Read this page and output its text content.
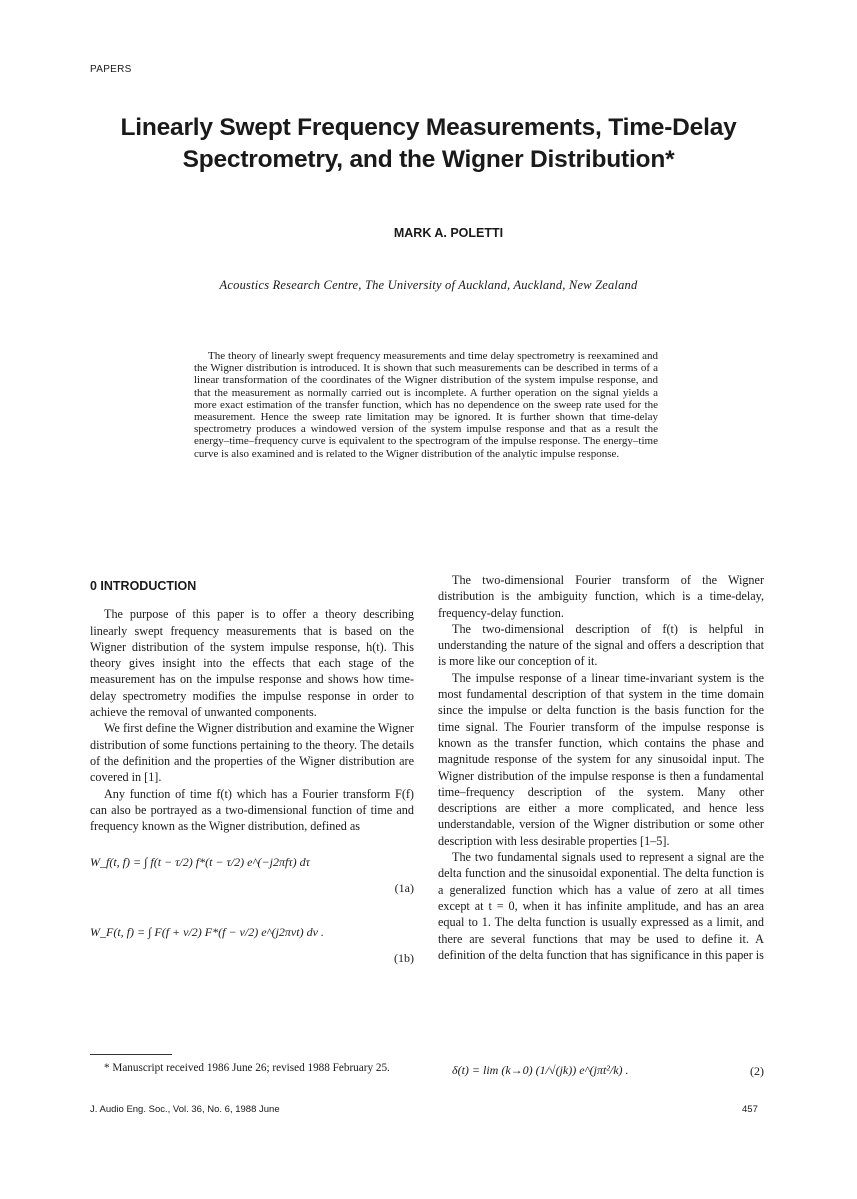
PAPERS
Linearly Swept Frequency Measurements, Time-Delay Spectrometry, and the Wigner Distribution*
MARK A. POLETTI
Acoustics Research Centre, The University of Auckland, Auckland, New Zealand

The theory of linearly swept frequency measurements and time delay spectrometry is reexamined and the Wigner distribution is introduced. It is shown that such measurements can be described in terms of a linear transformation of the coordinates of the Wigner distribution of the system impulse response, and that the measurement as normally carried out is incomplete. A further operation on the signal yields a more exact estimation of the transfer function, which has no dependence on the sweep rate used for the measurement. Hence the sweep rate limitation may be ignored. It is further shown that time-delay spectrometry produces a windowed version of the system impulse response and that as a result the energy–time–frequency curve is equivalent to the spectrogram of the impulse response. The energy–time curve is also examined and is related to the Wigner distribution of the analytic impulse response.

0 INTRODUCTION

The purpose of this paper is to offer a theory describing linearly swept frequency measurements that is based on the Wigner distribution of the system impulse response, h(t). This theory gives insight into the effects that each stage of the measurement has on the impulse response and shows how time-delay spectrometry modifies the impulse response in order to achieve the removal of unwanted components.

We first define the Wigner distribution and examine the Wigner distribution of some functions pertaining to the theory. The details of the definition and the properties of the Wigner distribution are covered in [1].

Any function of time f(t) which has a Fourier transform F(f) can also be portrayed as a two-dimensional function of time and frequency known as the Wigner distribution, defined as

W_f(t, f) = ∫ f(t − τ/2) f*(t − τ/2) e^(−j2πfτ) dτ
(1a)
W_F(t, f) = ∫ F(f + ν/2) F*(f − ν/2) e^(j2πνt) dν .
(1b)

The two-dimensional Fourier transform of the Wigner distribution is the ambiguity function, which is a time-delay, frequency-delay function.

The two-dimensional description of f(t) is helpful in understanding the nature of the signal and offers a description that is more like our conception of it.

The impulse response of a linear time-invariant system is the most fundamental description of that system in the time domain since the impulse or delta function is the basis function for the time signal. The Fourier transform of the impulse response is known as the transfer function, which contains the phase and magnitude response of the system for any sinusoidal input. The Wigner distribution of the impulse response is then a fundamental time–frequency description of the system. Many other descriptions are either a more complicated, and hence less understandable, version of the Wigner distribution or some other description with less desirable properties [1–5].

The two fundamental signals used to represent a signal are the delta function and the sinusoidal exponential. The delta function is a generalized function which has a value of zero at all times except at t = 0, when it has infinite amplitude, and has an area equal to 1. The delta function is usually expressed as a limit, and there are several functions that may be used to define it. A definition of the delta function that has significance in this paper is

* Manuscript received 1986 June 26; revised 1988 February 25.	δ(t) = lim (k→0) (1/√(jk)) e^(jπt²/k) .	(2)
J. Audio Eng. Soc., Vol. 36, No. 6, 1988 June	457
